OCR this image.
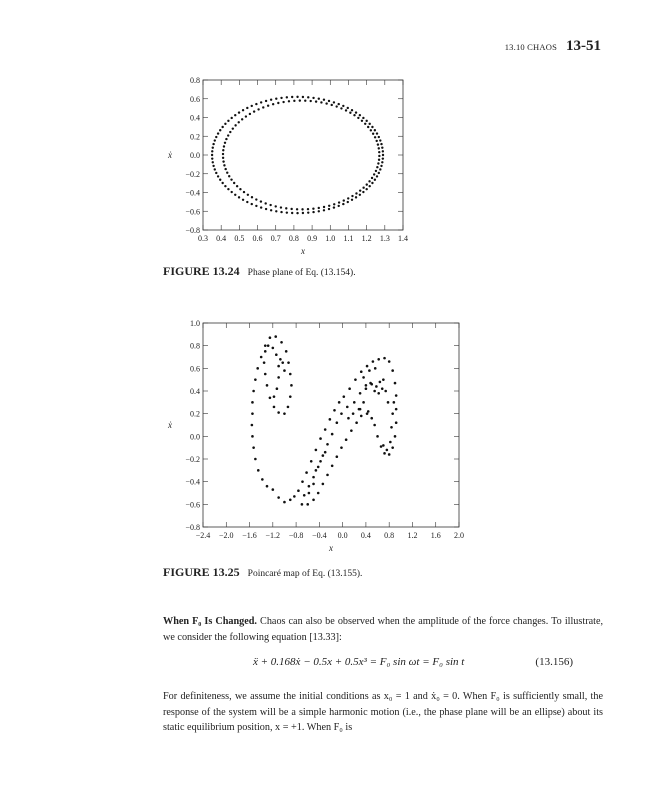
13.10 CHAOS 13-51
0.3 0.4 0.5 0.6 0.7 0.8 0.9 1.0 1.1 1.2 1.3 1.4
0.8
0.6
0.4
0.2
0.0
−0.2
−0.4
−0.6
−0.8
x
ẋ
FIGURE 13.24 Phase plane of Eq. (13.154).
−2.4 −2.0 −1.6 −1.2 −0.8 −0.4 0.0 0.4 0.8 1.2 1.6 2.0
1.0
0.8
0.6
0.4
0.2
0.0
−0.2
−0.4
−0.6
−0.8
x
ẋ
FIGURE 13.25 Poincaré map of Eq. (13.155).
When F₀ Is Changed. Chaos can also be observed when the amplitude of the force changes. To illustrate, we consider the following equation [13.33]:
ẍ + 0.168ẋ − 0.5x + 0.5x³ = F₀ sin ωt = F₀ sin t	(13.156)
For definiteness, we assume the initial conditions as x₀ = 1 and ẋ₀ = 0. When F₀ is sufficiently small, the response of the system will be a simple harmonic motion (i.e., the phase plane will be an ellipse) about its static equilibrium position, x = +1. When F₀ is
